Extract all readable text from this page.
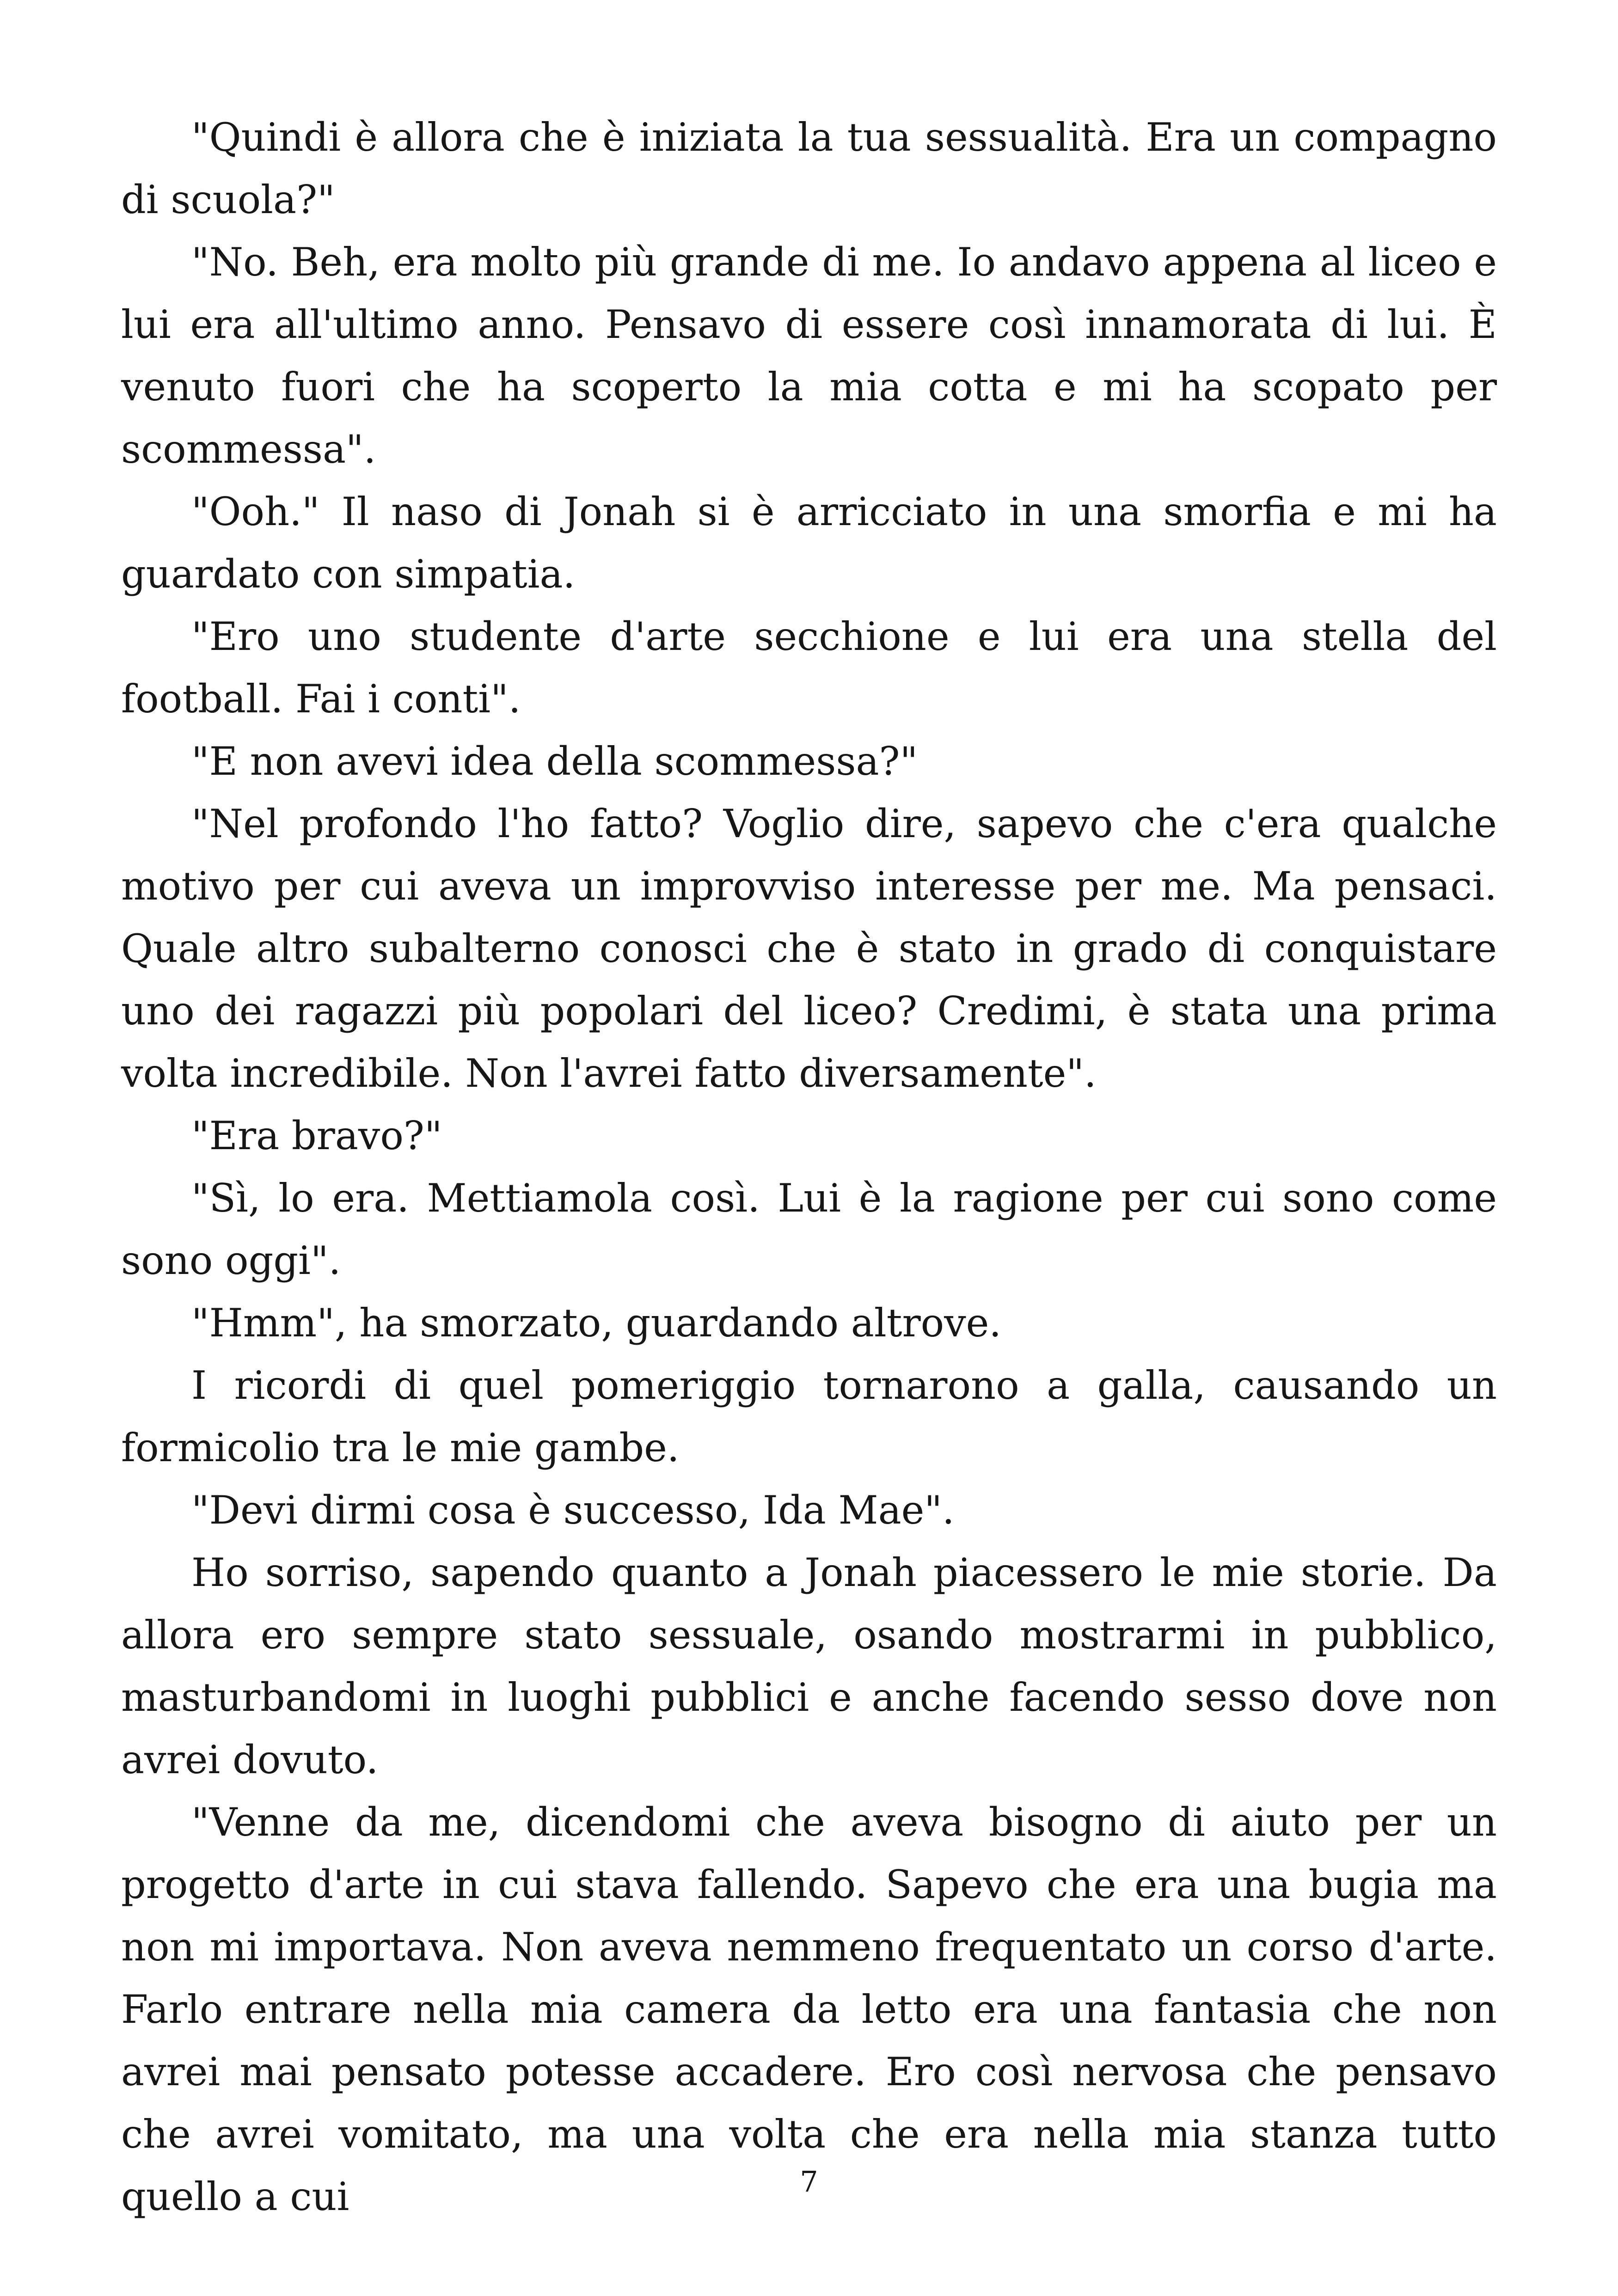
"Quindi è allora che è iniziata la tua sessualità. Era un compagno di scuola?"

"No. Beh, era molto più grande di me. Io andavo appena al liceo e lui era all'ultimo anno. Pensavo di essere così innamorata di lui. È venuto fuori che ha scoperto la mia cotta e mi ha scopato per scommessa".

"Ooh." Il naso di Jonah si è arricciato in una smorfia e mi ha guardato con simpatia.

"Ero uno studente d'arte secchione e lui era una stella del football. Fai i conti".

"E non avevi idea della scommessa?"

"Nel profondo l'ho fatto? Voglio dire, sapevo che c'era qualche motivo per cui aveva un improvviso interesse per me. Ma pensaci. Quale altro subalterno conosci che è stato in grado di conquistare uno dei ragazzi più popolari del liceo? Credimi, è stata una prima volta incredibile. Non l'avrei fatto diversamente".

"Era bravo?"

"Sì, lo era. Mettiamola così. Lui è la ragione per cui sono come sono oggi".

"Hmm", ha smorzato, guardando altrove.

I ricordi di quel pomeriggio tornarono a galla, causando un formicolio tra le mie gambe.

"Devi dirmi cosa è successo, Ida Mae".

Ho sorriso, sapendo quanto a Jonah piacessero le mie storie. Da allora ero sempre stato sessuale, osando mostrarmi in pubblico, masturbandomi in luoghi pubblici e anche facendo sesso dove non avrei dovuto.

"Venne da me, dicendomi che aveva bisogno di aiuto per un progetto d'arte in cui stava fallendo. Sapevo che era una bugia ma non mi importava. Non aveva nemmeno frequentato un corso d'arte. Farlo entrare nella mia camera da letto era una fantasia che non avrei mai pensato potesse accadere. Ero così nervosa che pensavo che avrei vomitato, ma una volta che era nella mia stanza tutto quello a cui	7
